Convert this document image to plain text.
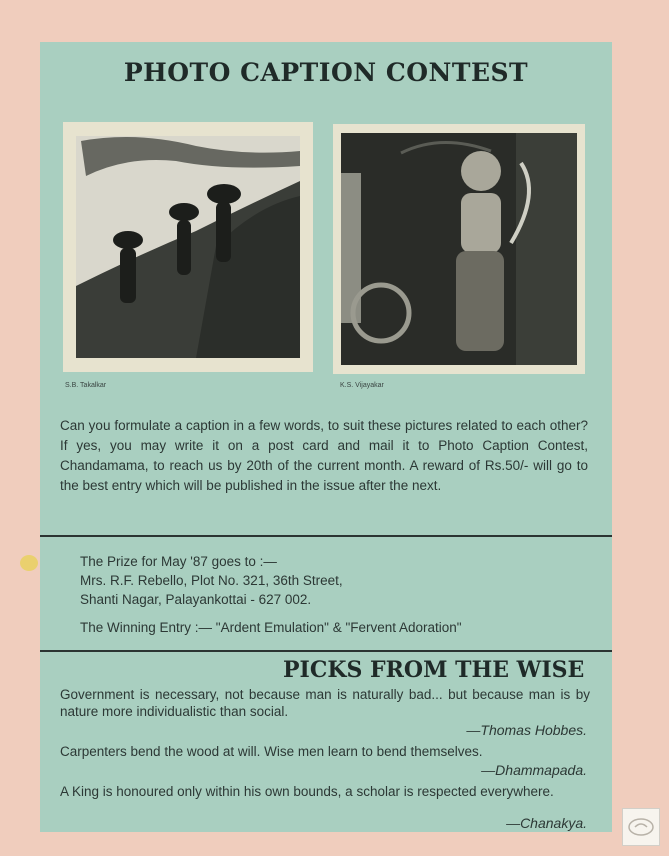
PHOTO CAPTION CONTEST
S.B. Takalkar	K.S. Vijayakar
Can you formulate a caption in a few words, to suit these pictures related to each other? If yes, you may write it on a post card and mail it to Photo Caption Contest, Chandamama, to reach us by 20th of the current month. A reward of Rs.50/- will go to the best entry which will be published in the issue after the next.
The Prize for May '87 goes to :—
Mrs. R.F. Rebello, Plot No. 321, 36th Street,
Shanti Nagar, Palayankottai - 627 002.
The Winning Entry :— "Ardent Emulation" & "Fervent Adoration"
PICKS FROM THE WISE
Government is necessary, not because man is naturally bad... but because man is by nature more individualistic than social.
—Thomas Hobbes.
Carpenters bend the wood at will. Wise men learn to bend themselves.
—Dhammapada.
A King is honoured only within his own bounds, a scholar is respected everywhere.
—Chanakya.
